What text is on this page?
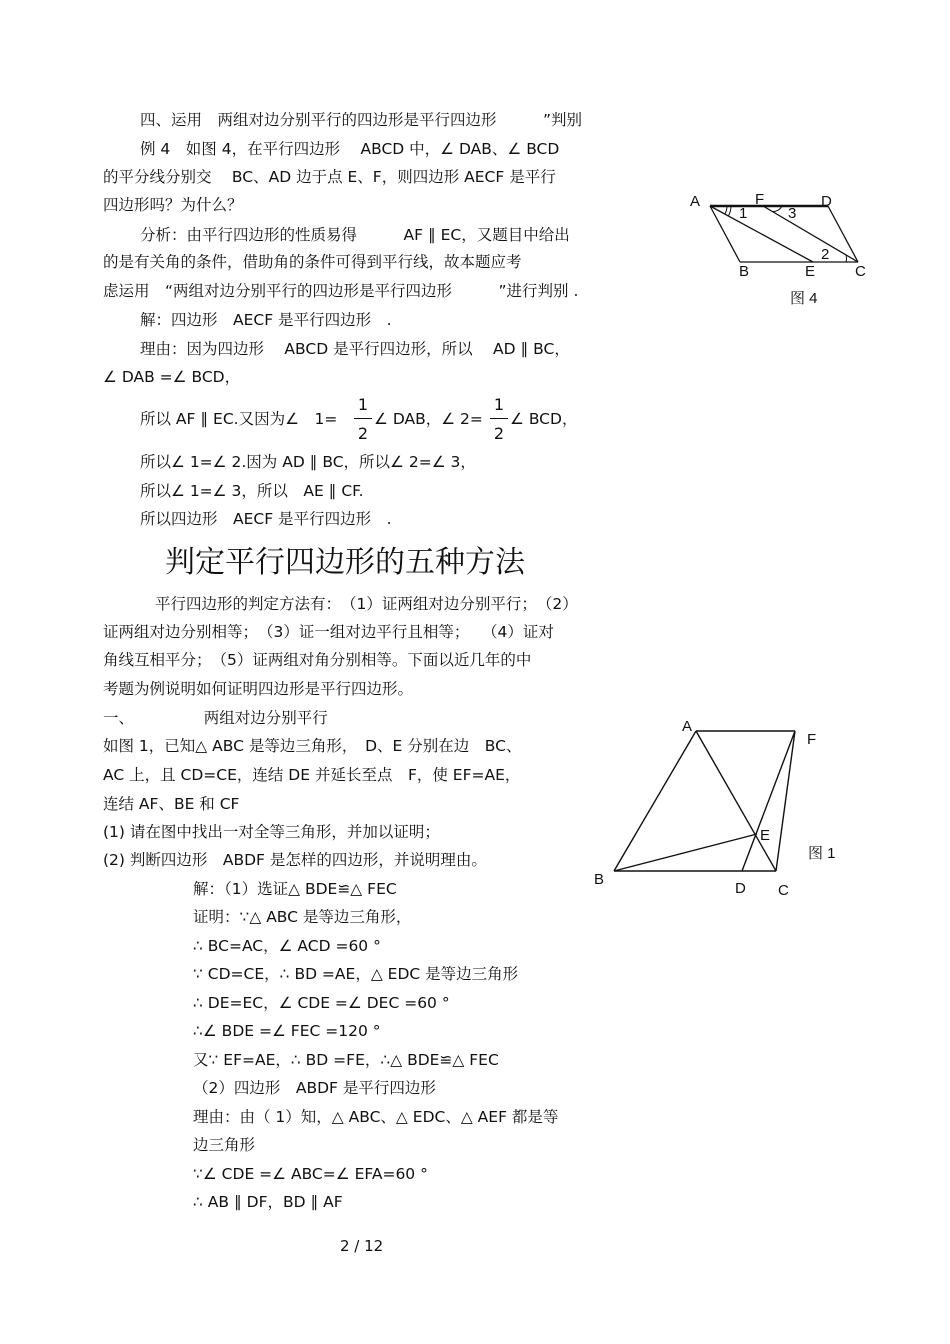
四、运用　两组对边分别平行的四边形是平行四边形　　　”判别
例 4　如图 4，在平行四边形　 ABCD 中，∠ DAB、∠ BCD
的平分线分别交　 BC、AD 边于点 E、F，则四边形 AECF 是平行
四边形吗？为什么？
分析：由平行四边形的性质易得　　　AF ∥ EC，又题目中给出
的是有关角的条件，借助角的条件可得到平行线，故本题应考
虑运用　“两组对边分别平行的四边形是平行四边形　　　”进行判别 .
解：四边形　AECF 是平行四边形　.
理由：因为四边形　 ABCD 是平行四边形，所以　 AD ∥ BC，
∠ DAB =∠ BCD，
所以 AF ∥ EC.又因为∠　1=
1
2
∠ DAB，∠ 2=
1
2
∠ BCD，
所以∠ 1=∠ 2.因为 AD ∥ BC，所以∠ 2=∠ 3，
所以∠ 1=∠ 3，所以　AE ∥ CF.
所以四边形　AECF 是平行四边形　.
判定平行四边形的五种方法
平行四边形的判定方法有：　（1）证两组对边分别平行；　（2）
证两组对边分别相等；　（3）证一组对边平行且相等；　 （4）证对
角线互相平分；　（5）证两组对角分别相等。下面以近几年的中
考题为例说明如何证明四边形是平行四边形。
一、　　　　　两组对边分别平行
如图 1，已知△ ABC 是等边三角形，　D、E 分别在边　BC、
AC 上，且 CD=CE，连结 DE 并延长至点　F，使 EF=AE，
连结 AF、BE 和 CF
(1) 请在图中找出一对全等三角形，并加以证明；
(2) 判断四边形　ABDF 是怎样的四边形，并说明理由。
解：（1）选证△ BDE≌△ FEC
证明：∵△ ABC 是等边三角形，
∴ BC=AC，∠ ACD =60 °
∵ CD=CE，∴ BD =AE，△ EDC 是等边三角形
∴ DE=EC，∠ CDE =∠ DEC =60 °
∴∠ BDE =∠ FEC =120 °
又∵ EF=AE，∴ BD =FE，∴△ BDE≌△ FEC
（2）四边形　ABDF 是平行四边形
理由：由（ 1）知，△ ABC、△ EDC、△ AEF 都是等
边三角形
∵∠ CDE =∠ ABC=∠ EFA=60 °
∴ AB ∥ DF，BD ∥ AF
2 / 12
A	F	D
B	E	C
1	3
2
图 4
A
F
E
B
D C
图 1
